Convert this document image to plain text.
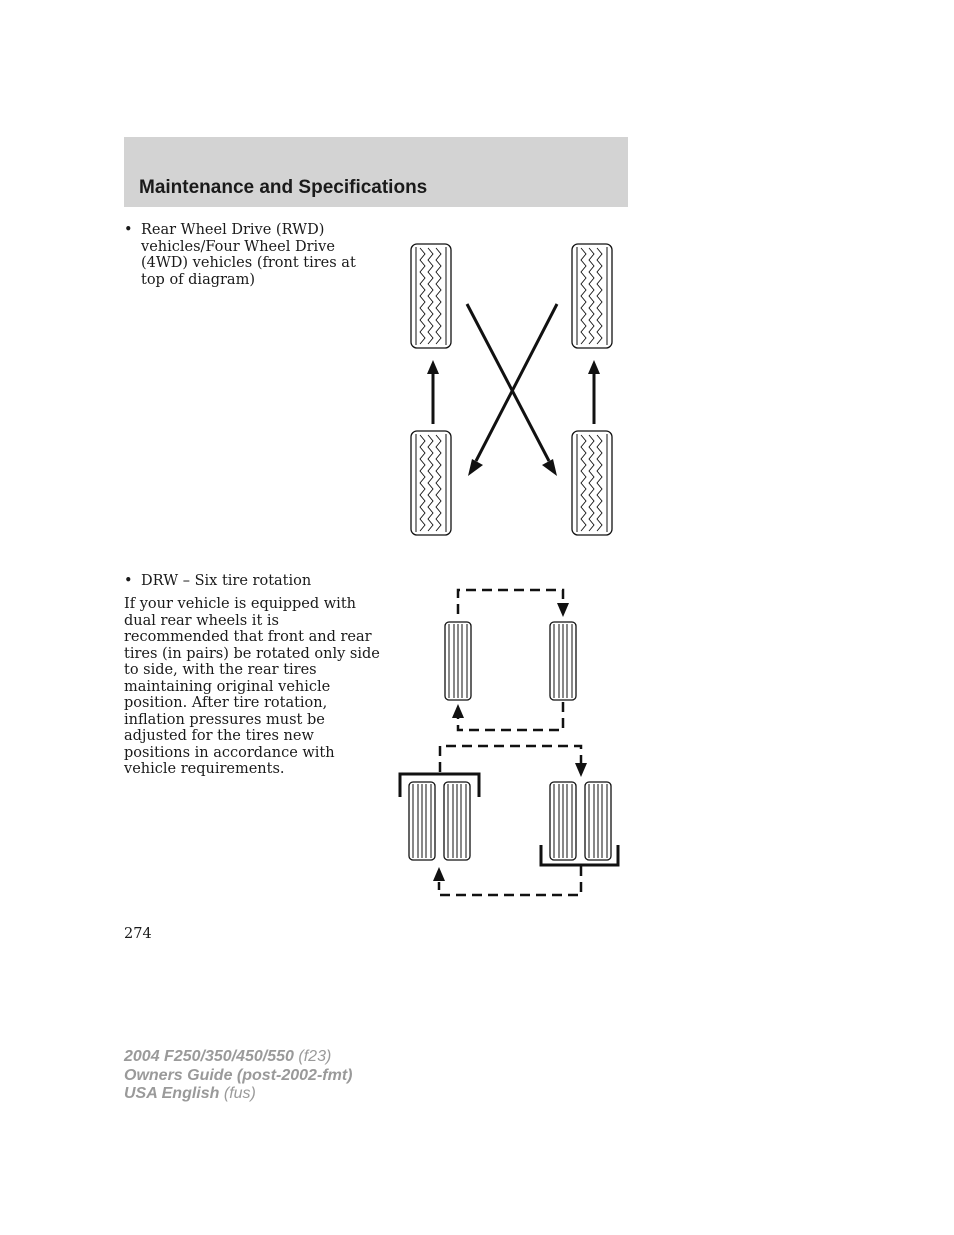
Maintenance and Specifications
• Rear Wheel Drive (RWD) vehicles/Four Wheel Drive (4WD) vehicles (front tires at top of diagram)
• DRW – Six tire rotation

If your vehicle is equipped with dual rear wheels it is recommended that front and rear tires (in pairs) be rotated only side to side, with the rear tires maintaining original vehicle position. After tire rotation, inflation pressures must be adjusted for the tires new positions in accordance with vehicle requirements.

274
2004 F250/350/450/550 (f23)
Owners Guide (post-2002-fmt)
USA English (fus)
